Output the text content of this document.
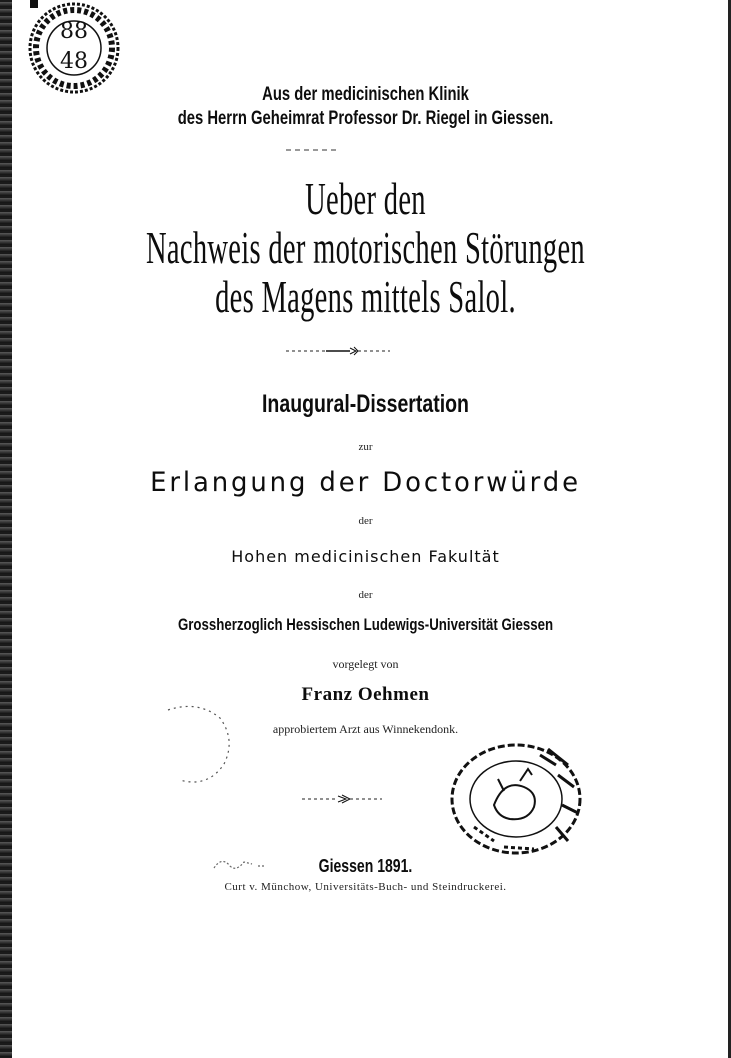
88
48
Aus der medicinischen Klinik
des Herrn Geheimrat Professor Dr. Riegel in Giessen.
Ueber den
Nachweis der motorischen Störungen
des Magens mittels Salol.
Inaugural-Dissertation
zur
Erlangung der Doctorwürde
der
Hohen medicinischen Fakultät
der
Grossherzoglich Hessischen Ludewigs-Universität Giessen
vorgelegt von
Franz Oehmen
approbiertem Arzt aus Winnekendonk.
Giessen 1891.
Curt v. Münchow, Universitäts-Buch- und Steindruckerei.
